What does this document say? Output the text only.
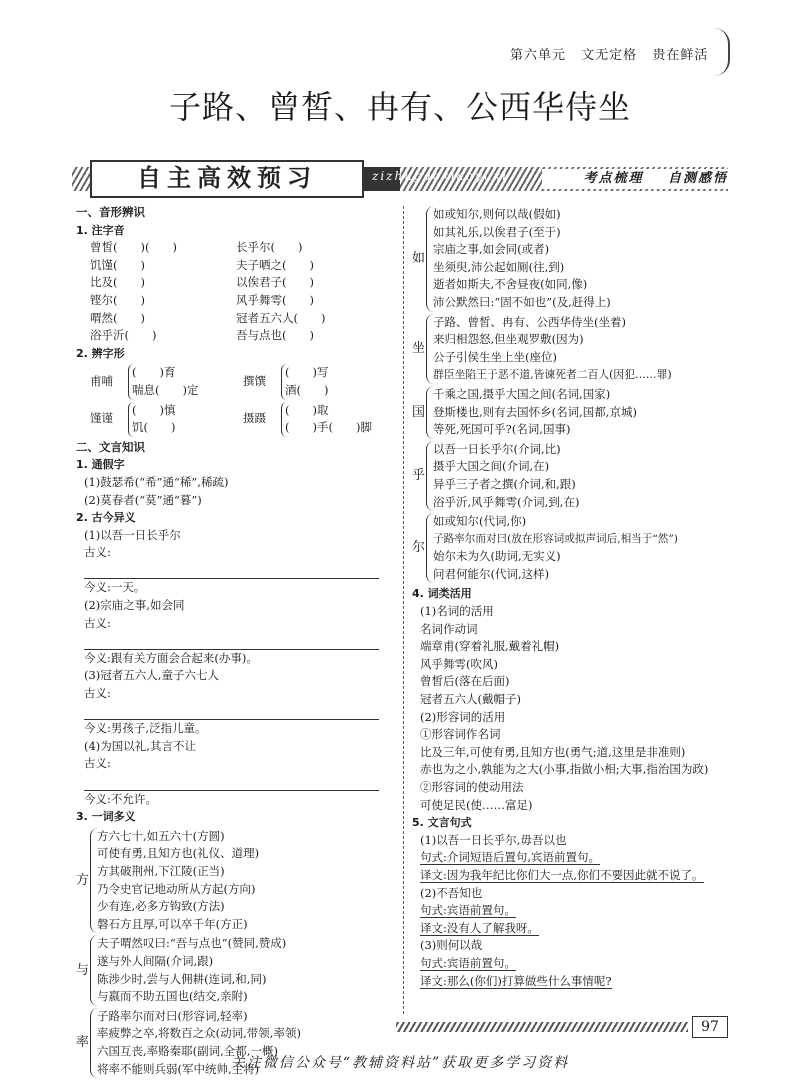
第六单元 文无定格 贵在鲜活
子路、曾皙、冉有、公西华侍坐
自主高效预习	zizhugaoxiaoyuxi	考点梳理 自测感悟
一、音形辨识
1. 注字音
曾皙(　　)(　　)
饥馑(　　)
比及(　　)
铿尔(　　)
喟然(　　)
浴乎沂(　　)
长乎尔(　　)
夫子哂之(　　)
以俟君子(　　)
风乎舞雩(　　)
冠者五六人(　　)
吾与点也(　　)
2. 辨字形
甫哺
(　　)育
喘息(　　)定
撰馔
(　　)写
酒(　　)
馑谨
(　　)慎
饥(　　)
摄蹑
(　　)取
(　　)手(　　)脚
二、文言知识
1. 通假字
(1)鼓瑟希(“希”通“稀”,稀疏)
(2)莫春者(“莫”通“暮”)
2. 古今异义
(1)以吾一日长乎尔
古义:
今义:一天。
(2)宗庙之事,如会同
古义:
今义:跟有关方面会合起来(办事)。
(3)冠者五六人,童子六七人
古义:
今义:男孩子,泛指儿童。
(4)为国以礼,其言不让
古义:
今义:不允许。
3. 一词多义
方
方六七十,如五六十(方圆)
可使有勇,且知方也(礼仪、道理)
方其破荆州,下江陵(正当)
乃令史官记地动所从方起(方向)
少有连,必多方钩致(方法)
磐石方且厚,可以卒千年(方正)
与
夫子喟然叹曰:“吾与点也”(赞同,赞成)
遂与外人间隔(介词,跟)
陈涉少时,尝与人佣耕(连词,和,同)
与嬴而不助五国也(结交,亲附)
率
子路率尔而对曰(形容词,轻率)
率疲弊之卒,将数百之众(动词,带领,率领)
六国互丧,率赂秦耶(副词,全都,一概)
将率不能则兵弱(军中统帅,主将)
如
如或知尔,则何以哉(假如)
如其礼乐,以俟君子(至于)
宗庙之事,如会同(或者)
坐须臾,沛公起如厕(往,到)
逝者如斯夫,不舍昼夜(如同,像)
沛公默然曰:“固不如也”(及,赶得上)
坐
子路、曾皙、冉有、公西华侍坐(坐着)
来归相怨怒,但坐观罗敷(因为)
公子引侯生坐上坐(座位)
群臣坐陷王于恶不道,皆谏死者二百人(因犯……罪)
国
千乘之国,摄乎大国之间(名词,国家)
登斯楼也,则有去国怀乡(名词,国都,京城)
等死,死国可乎?(名词,国事)
乎
以吾一日长乎尔(介词,比)
摄乎大国之间(介词,在)
异乎三子者之撰(介词,和,跟)
浴乎沂,风乎舞雩(介词,到,在)
尔
如或知尔(代词,你)
子路率尔而对曰(放在形容词或拟声词后,相当于“然”)
始尔未为久(助词,无实义)
问君何能尔(代词,这样)
4. 词类活用
(1)名词的活用
名词作动词
端章甫(穿着礼服,戴着礼帽)
风乎舞雩(吹风)
曾皙后(落在后面)
冠者五六人(戴帽子)
(2)形容词的活用
①形容词作名词
比及三年,可使有勇,且知方也(勇气;道,这里是非准则)
赤也为之小,孰能为之大(小事,指做小相;大事,指治国为政)
②形容词的使动用法
可使足民(使……富足)
5. 文言句式
(1)以吾一日长乎尔,毋吾以也
句式:介词短语后置句,宾语前置句。
译文:因为我年纪比你们大一点,你们不要因此就不说了。
(2)不吾知也
句式:宾语前置句。
译文:没有人了解我呀。
(3)则何以哉
句式:宾语前置句。
译文:那么(你们)打算做些什么事情呢?
97
关注微信公众号“教辅资料站”获取更多学习资料
